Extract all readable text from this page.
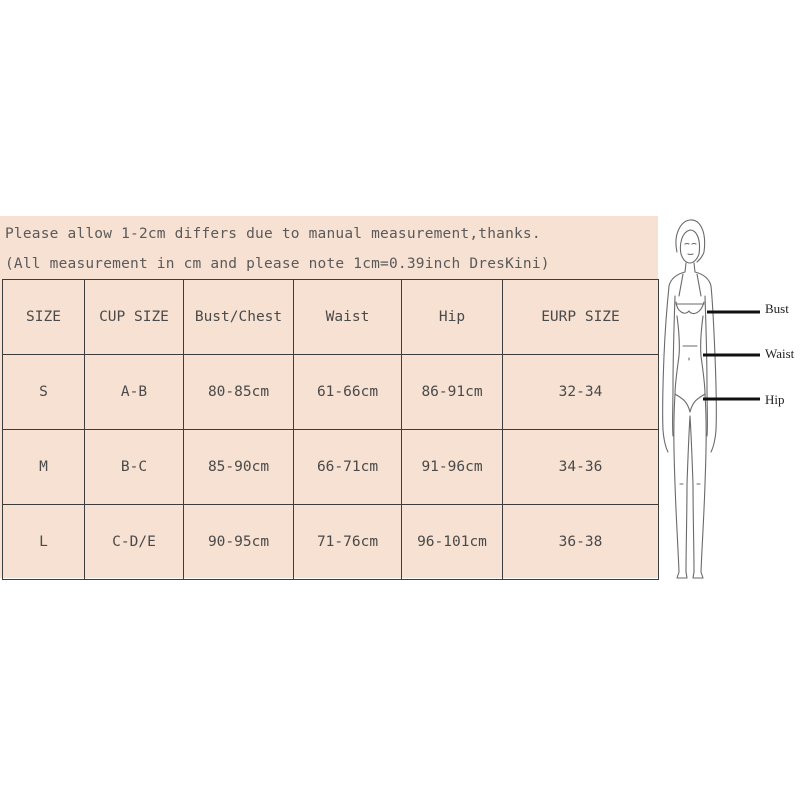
Please allow 1-2cm differs due to manual measurement,thanks.
(All measurement in cm and please note 1cm=0.39inch DresKini)
SIZE	CUP SIZE	Bust/Chest	Waist	Hip	EURP SIZE
S	A-B	80-85cm	61-66cm	86-91cm	32-34
M	B-C	85-90cm	66-71cm	91-96cm	34-36
L	C-D/E	90-95cm	71-76cm	96-101cm	36-38
Bust
Waist
Hip
